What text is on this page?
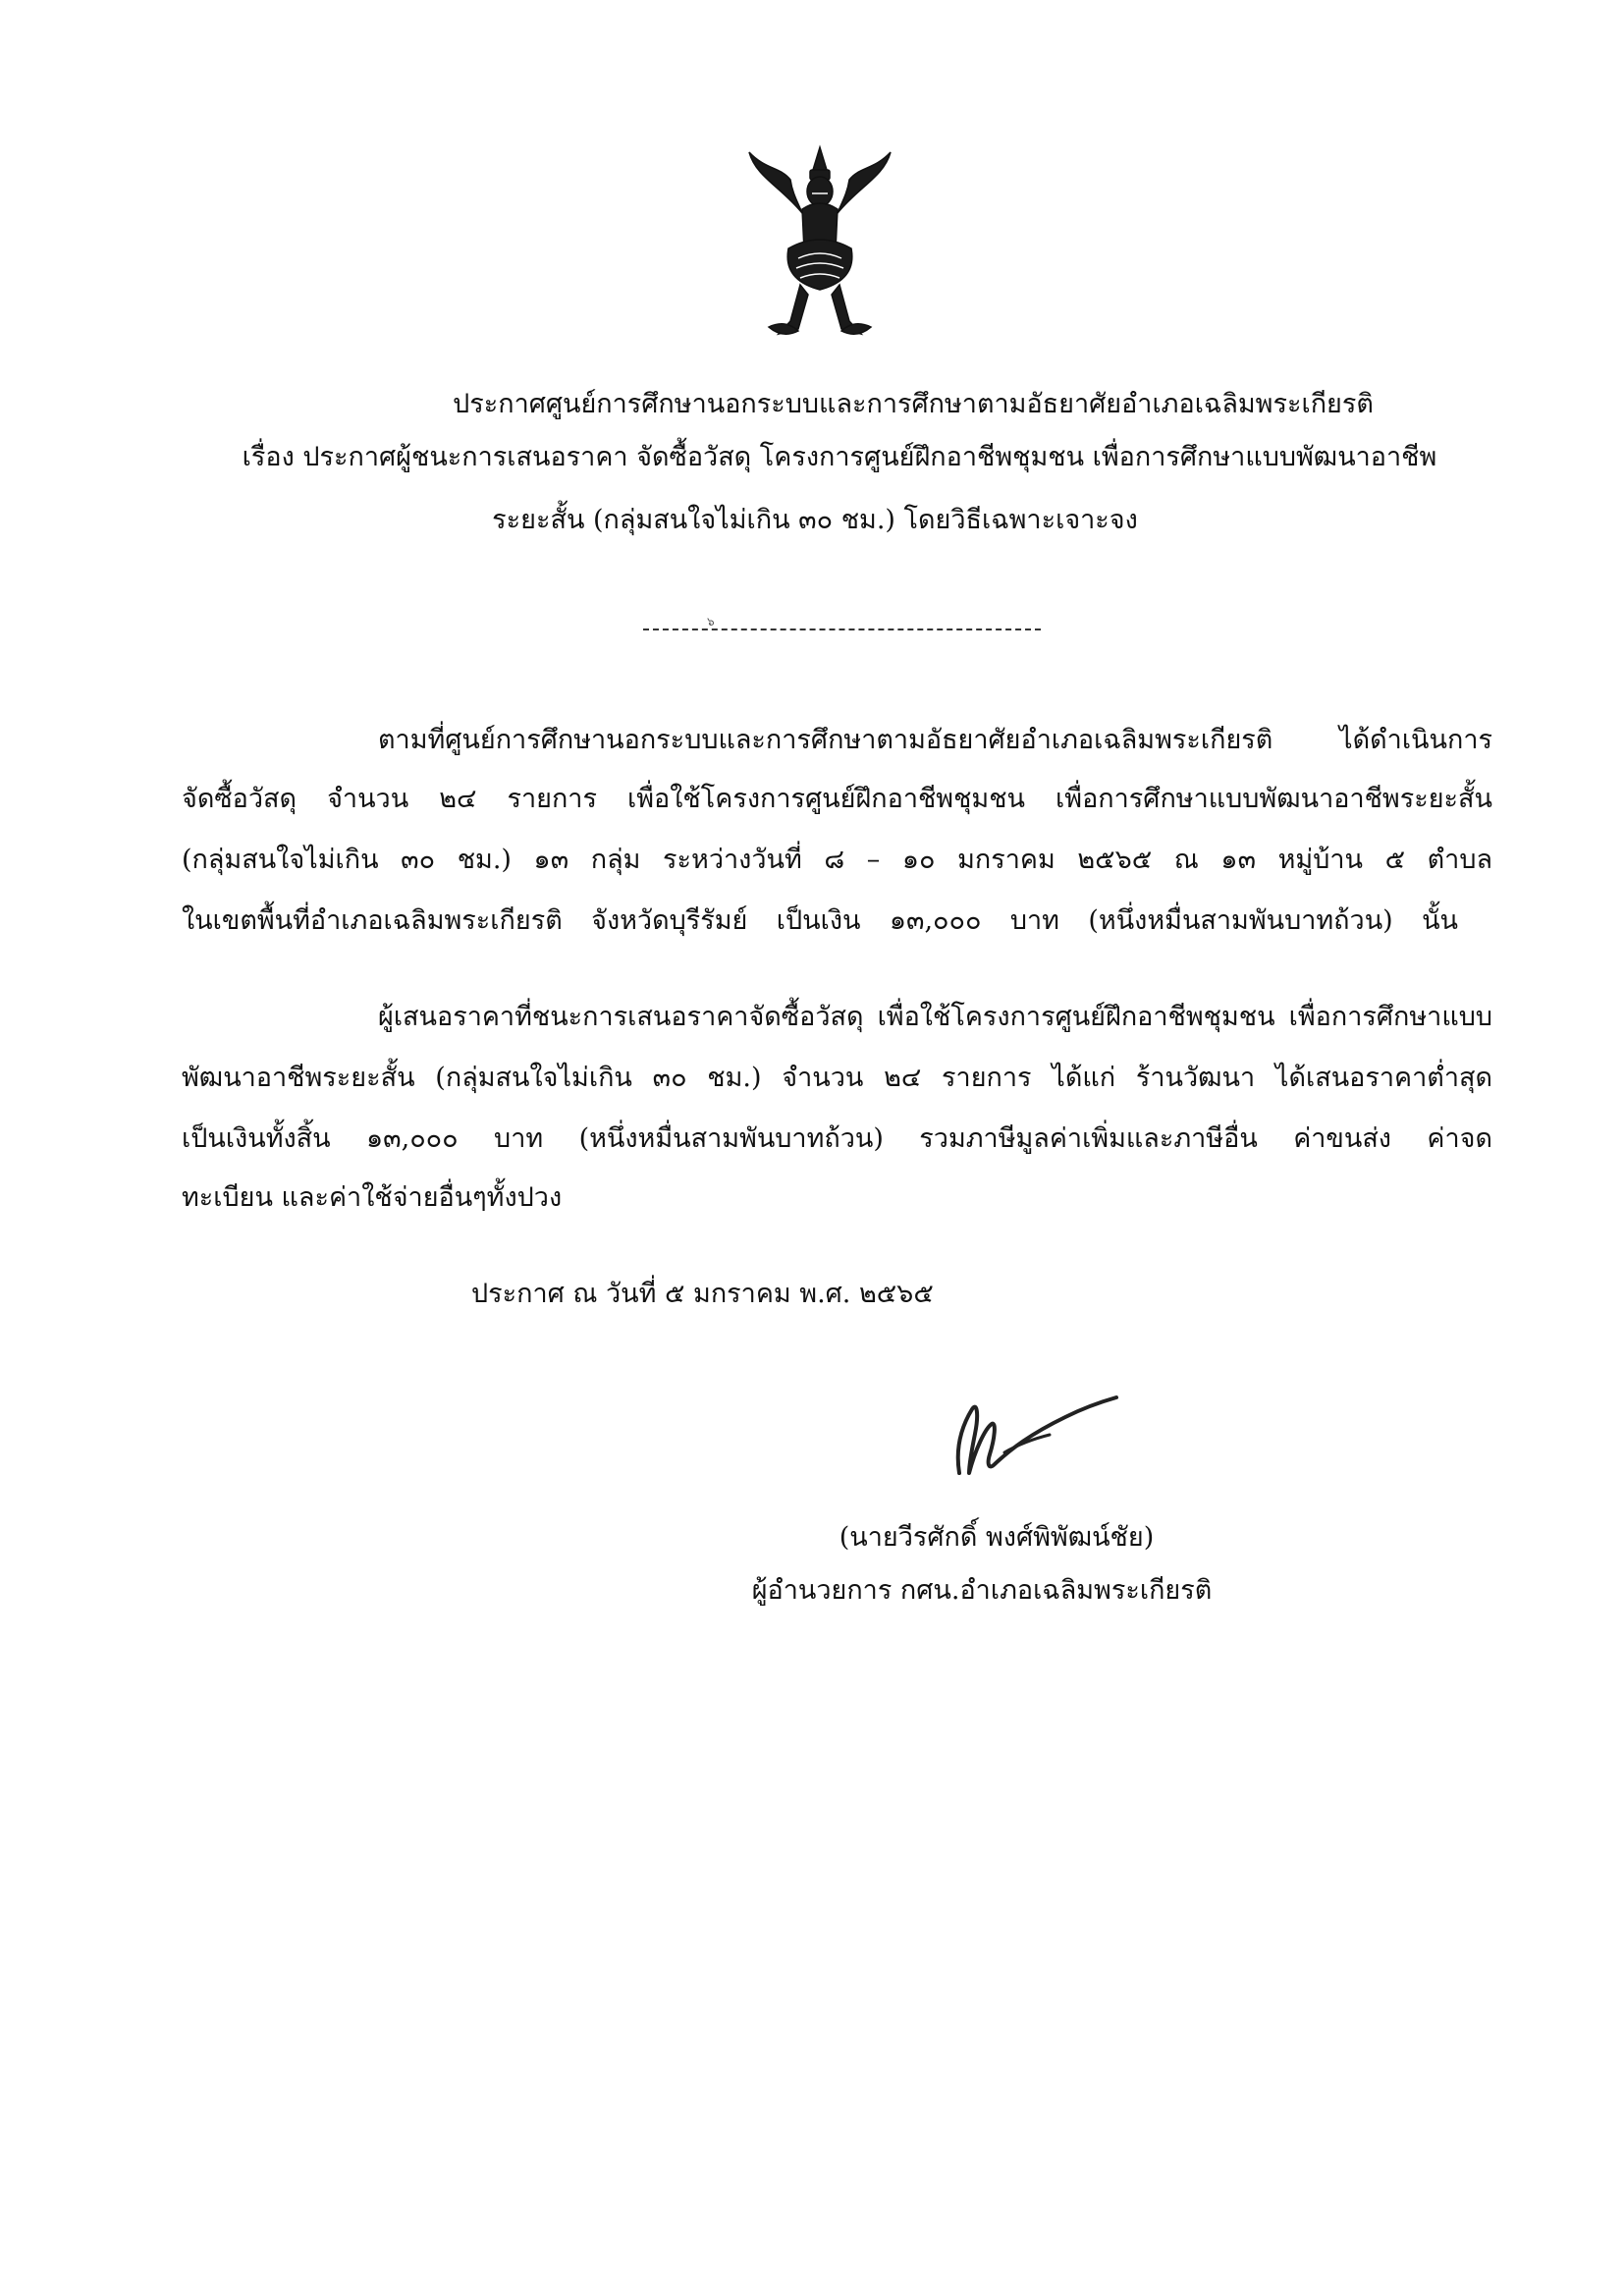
ประกาศศูนย์การศึกษานอกระบบและการศึกษาตามอัธยาศัยอำเภอเฉลิมพระเกียรติ
เรื่อง ประกาศผู้ชนะการเสนอราคา จัดซื้อวัสดุ โครงการศูนย์ฝึกอาชีพชุมชน เพื่อการศึกษาแบบพัฒนาอาชีพ
ระยะสั้น (กลุ่มสนใจไม่เกิน ๓๐ ชม.) โดยวิธีเฉพาะเจาะจง
๖
ตามที่ศูนย์การศึกษานอกระบบและการศึกษาตามอัธยาศัยอำเภอเฉลิมพระเกียรติ ได้ดำเนินการ
จัดซื้อวัสดุ จำนวน ๒๔ รายการ เพื่อใช้โครงการศูนย์ฝึกอาชีพชุมชน เพื่อการศึกษาแบบพัฒนาอาชีพระยะสั้น
(กลุ่มสนใจไม่เกิน ๓๐ ชม.) ๑๓ กลุ่ม ระหว่างวันที่ ๘ – ๑๐ มกราคม ๒๕๖๕ ณ ๑๓ หมู่บ้าน ๕ ตำบล
ในเขตพื้นที่อำเภอเฉลิมพระเกียรติ จังหวัดบุรีรัมย์ เป็นเงิน ๑๓,๐๐๐ บาท (หนึ่งหมื่นสามพันบาทถ้วน) นั้น
ผู้เสนอราคาที่ชนะการเสนอราคาจัดซื้อวัสดุ เพื่อใช้โครงการศูนย์ฝึกอาชีพชุมชน เพื่อการศึกษาแบบ
พัฒนาอาชีพระยะสั้น (กลุ่มสนใจไม่เกิน ๓๐ ชม.) จำนวน ๒๔ รายการ ได้แก่ ร้านวัฒนา ได้เสนอราคาต่ำสุด
เป็นเงินทั้งสิ้น ๑๓,๐๐๐ บาท (หนึ่งหมื่นสามพันบาทถ้วน) รวมภาษีมูลค่าเพิ่มและภาษีอื่น ค่าขนส่ง ค่าจด
ทะเบียน และค่าใช้จ่ายอื่นๆทั้งปวง
ประกาศ ณ วันที่ ๕ มกราคม พ.ศ. ๒๕๖๕
(นายวีรศักดิ์ พงศ์พิพัฒน์ชัย)
ผู้อำนวยการ กศน.อำเภอเฉลิมพระเกียรติ
